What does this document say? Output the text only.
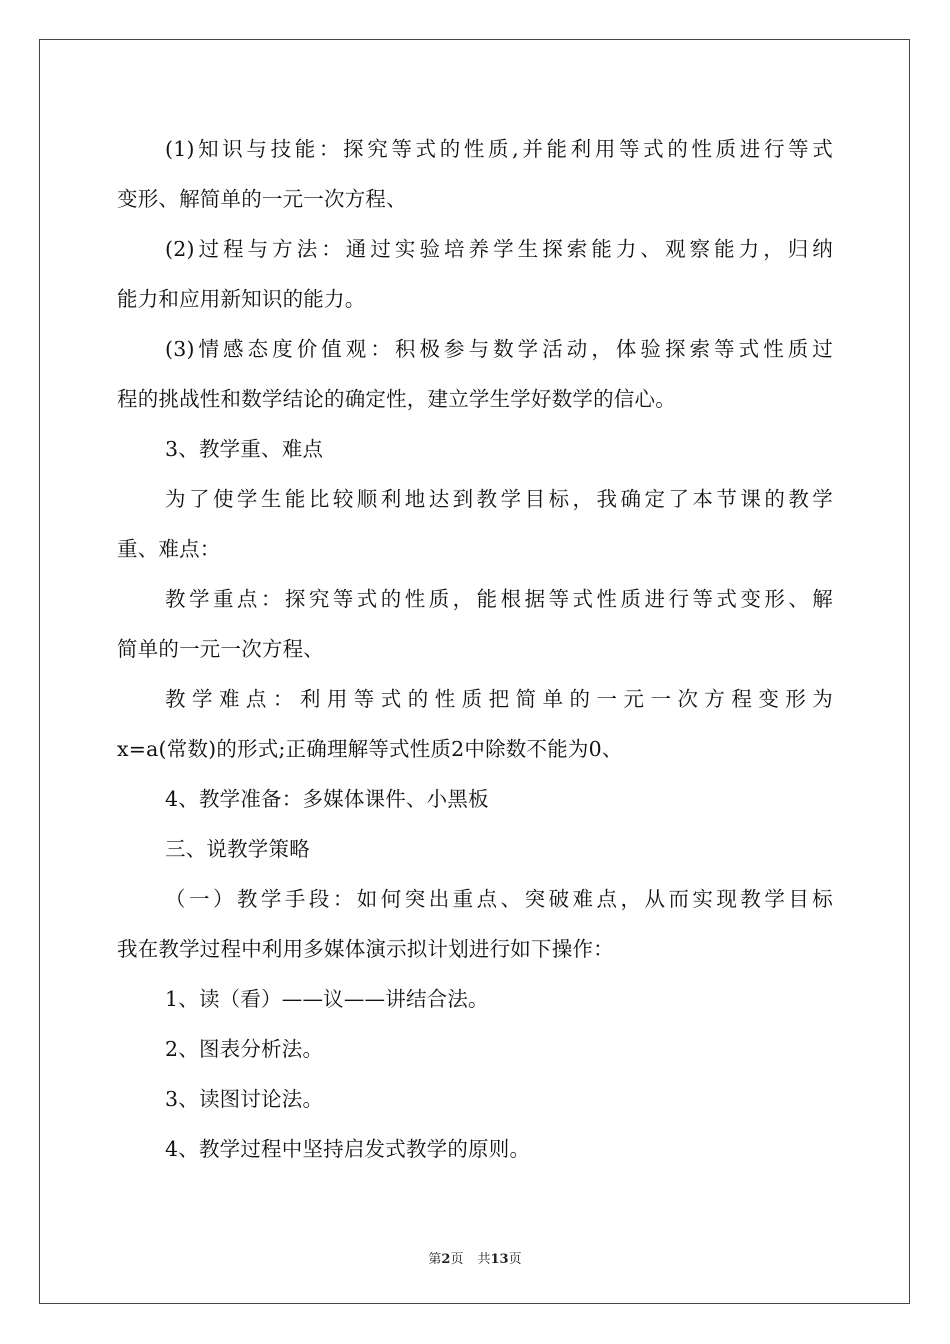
(1)知识与技能：探究等式的性质,并能利用等式的性质进行等式
变形、解简单的一元一次方程、
(2)过程与方法：通过实验培养学生探索能力、观察能力，归纳
能力和应用新知识的能力。
(3)情感态度价值观：积极参与数学活动，体验探索等式性质过
程的挑战性和数学结论的确定性，建立学生学好数学的信心。
3、教学重、难点
为了使学生能比较顺利地达到教学目标，我确定了本节课的教学
重、难点：
教学重点：探究等式的性质，能根据等式性质进行等式变形、解
简单的一元一次方程、
教学难点：利用等式的性质把简单的一元一次方程变形为
x=a(常数)的形式;正确理解等式性质2中除数不能为0、
4、教学准备：多媒体课件、小黑板
三、说教学策略
（一）教学手段：如何突出重点、突破难点，从而实现教学目标
我在教学过程中利用多媒体演示拟计划进行如下操作：
1、读（看）——议——讲结合法。
2、图表分析法。
3、读图讨论法。
4、教学过程中坚持启发式教学的原则。
第2页 共13页
